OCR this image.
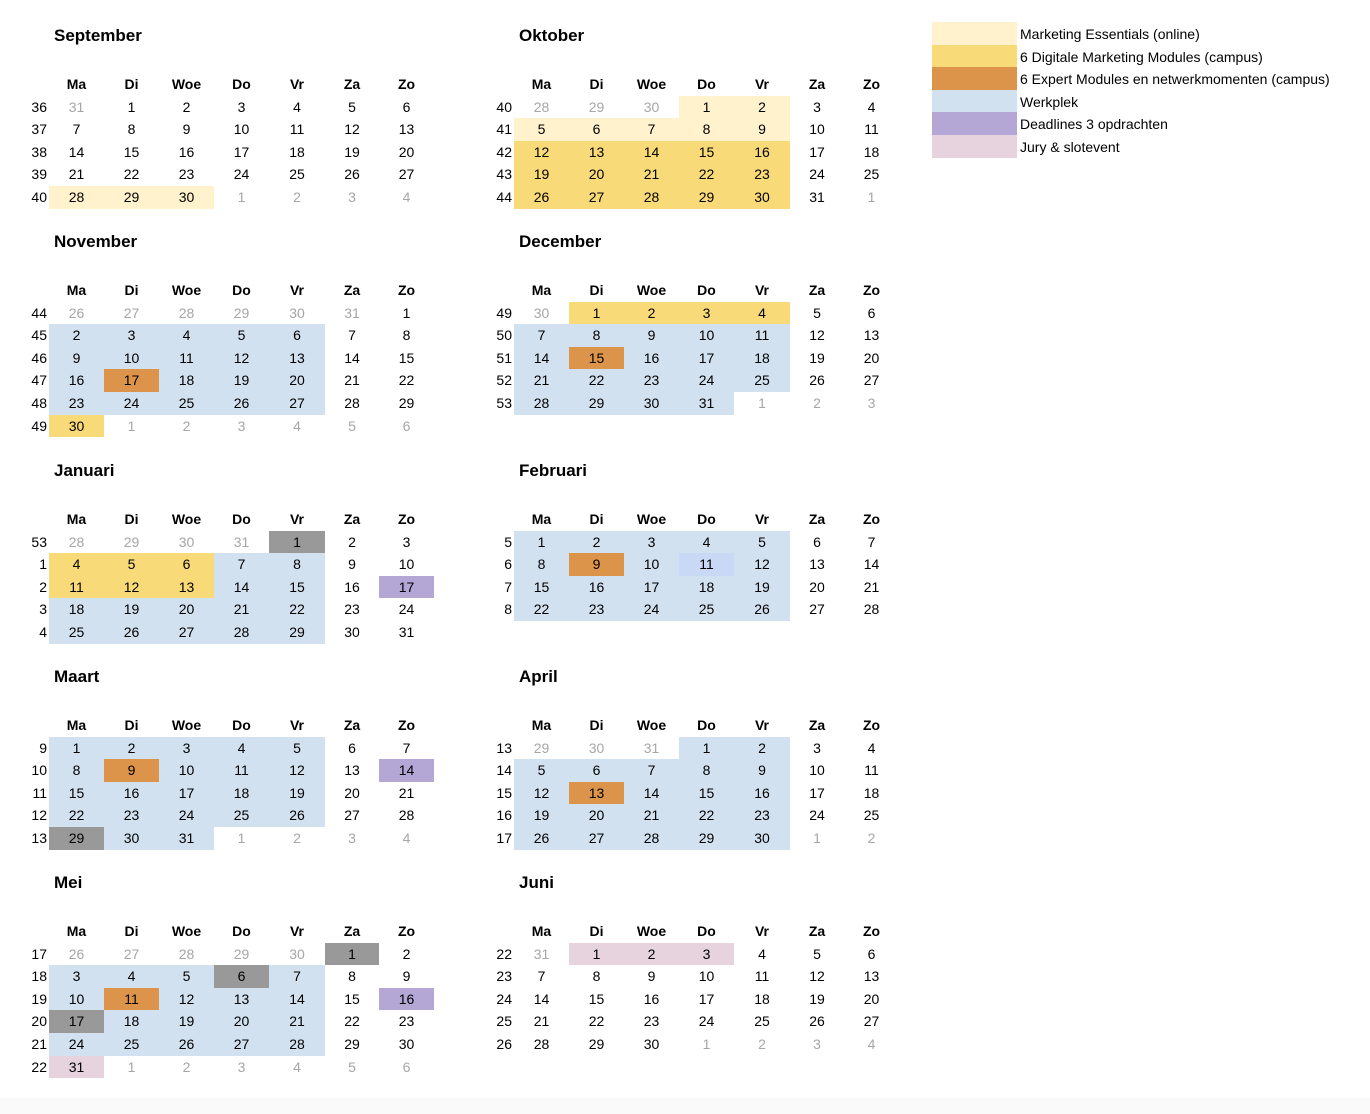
September
Ma	Di	Woe	Do	Vr	Za	Zo
36	31	1	2	3	4	5	6
37	7	8	9	10	11	12	13
38	14	15	16	17	18	19	20
39	21	22	23	24	25	26	27
40	28	29	30	1	2	3	4
Oktober
Ma	Di	Woe	Do	Vr	Za	Zo
40	28	29	30	1	2	3	4
41	5	6	7	8	9	10	11
42	12	13	14	15	16	17	18
43	19	20	21	22	23	24	25
44	26	27	28	29	30	31	1
November
Ma	Di	Woe	Do	Vr	Za	Zo
44	26	27	28	29	30	31	1
45	2	3	4	5	6	7	8
46	9	10	11	12	13	14	15
47	16	17	18	19	20	21	22
48	23	24	25	26	27	28	29
49	30	1	2	3	4	5	6
December
Ma	Di	Woe	Do	Vr	Za	Zo
49	30	1	2	3	4	5	6
50	7	8	9	10	11	12	13
51	14	15	16	17	18	19	20
52	21	22	23	24	25	26	27
53	28	29	30	31	1	2	3
Januari
Ma	Di	Woe	Do	Vr	Za	Zo
53	28	29	30	31	1	2	3
1	4	5	6	7	8	9	10
2	11	12	13	14	15	16	17
3	18	19	20	21	22	23	24
4	25	26	27	28	29	30	31
Februari
Ma	Di	Woe	Do	Vr	Za	Zo
5	1	2	3	4	5	6	7
6	8	9	10	11	12	13	14
7	15	16	17	18	19	20	21
8	22	23	24	25	26	27	28
Maart
Ma	Di	Woe	Do	Vr	Za	Zo
9	1	2	3	4	5	6	7
10	8	9	10	11	12	13	14
11	15	16	17	18	19	20	21
12	22	23	24	25	26	27	28
13	29	30	31	1	2	3	4
April
Ma	Di	Woe	Do	Vr	Za	Zo
13	29	30	31	1	2	3	4
14	5	6	7	8	9	10	11
15	12	13	14	15	16	17	18
16	19	20	21	22	23	24	25
17	26	27	28	29	30	1	2
Mei
Ma	Di	Woe	Do	Vr	Za	Zo
17	26	27	28	29	30	1	2
18	3	4	5	6	7	8	9
19	10	11	12	13	14	15	16
20	17	18	19	20	21	22	23
21	24	25	26	27	28	29	30
22	31	1	2	3	4	5	6
Juni
Ma	Di	Woe	Do	Vr	Za	Zo
22	31	1	2	3	4	5	6
23	7	8	9	10	11	12	13
24	14	15	16	17	18	19	20
25	21	22	23	24	25	26	27
26	28	29	30	1	2	3	4
Marketing Essentials (online)
6 Digitale Marketing Modules (campus)
6 Expert Modules en netwerkmomenten (campus)
Werkplek
Deadlines 3 opdrachten
Jury & slotevent
